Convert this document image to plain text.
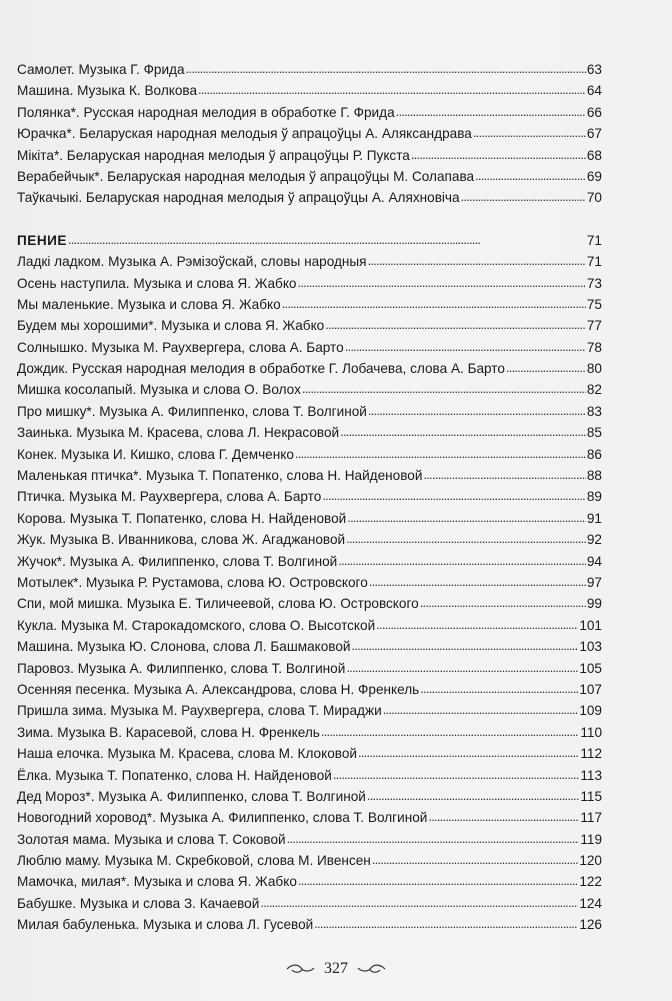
Самолет. Музыка Г. Фрида . . .	63
Машина. Музыка К. Волкова . . .	64
Полянка*. Русская народная мелодия в обработке Г. Фрида . . .	66
Юрачка*. Беларуская народная мелодыя ў апрацоўцы А. Аляксандрава . . .	67
Мікіта*. Беларуская народная мелодыя ў апрацоўцы Р. Пукста . . .	68
Верабейчык*. Беларуская народная мелодыя ў апрацоўцы М. Солапава . . .	69
Таўкачыкі. Беларуская народная мелодыя ў апрацоўцы А. Аляхновіча . . .	70
ПЕНИЕ . . .	71
Ладкі ладком. Музыка А. Рэмізоўскай, словы народныя . . .	71
Осень наступила. Музыка и слова Я. Жабко . . .	73
Мы маленькие. Музыка и слова Я. Жабко . . .	75
Будем мы хорошими*. Музыка и слова Я. Жабко . . .	77
Солнышко. Музыка М. Раухвергера, слова А. Барто . . .	78
Дождик. Русская народная мелодия в обработке Г. Лобачева, слова А. Барто . . .	80
Мишка косолапый. Музыка и слова О. Волох . . .	82
Про мишку*. Музыка А. Филиппенко, слова Т. Волгиной . . .	83
Заинька. Музыка М. Красева, слова Л. Некрасовой . . .	85
Конек. Музыка И. Кишко, слова Г. Демченко . . .	86
Маленькая птичка*. Музыка Т. Попатенко, слова Н. Найденовой . . .	88
Птичка. Музыка М. Раухвергера, слова А. Барто . . .	89
Корова. Музыка Т. Попатенко, слова Н. Найденовой . . .	91
Жук. Музыка В. Иванникова, слова Ж. Агаджановой . . .	92
Жучок*. Музыка А. Филиппенко, слова Т. Волгиной . . .	94
Мотылек*. Музыка Р. Рустамова, слова Ю. Островского . . .	97
Спи, мой мишка. Музыка Е. Тиличеевой, слова Ю. Островского . . .	99
Кукла. Музыка М. Старокадомского, слова О. Высотской . . .	101
Машина. Музыка Ю. Слонова, слова Л. Башмаковой . . .	103
Паровоз. Музыка А. Филиппенко, слова Т. Волгиной . . .	105
Осенняя песенка. Музыка А. Александрова, слова Н. Френкель . . .	107
Пришла зима. Музыка М. Раухвергера, слова Т. Мираджи . . .	109
Зима. Музыка В. Карасевой, слова Н. Френкель . . .	110
Наша елочка. Музыка М. Красева, слова М. Клоковой . . .	112
Ёлка. Музыка Т. Попатенко, слова Н. Найденовой . . .	113
Дед Мороз*. Музыка А. Филиппенко, слова Т. Волгиной . . .	115
Новогодний хоровод*. Музыка А. Филиппенко, слова Т. Волгиной . . .	117
Золотая мама. Музыка и слова Т. Соковой . . .	119
Люблю маму. Музыка М. Скребковой, слова М. Ивенсен . . .	120
Мамочка, милая*. Музыка и слова Я. Жабко . . .	122
Бабушке. Музыка и слова З. Качаевой . . .	124
Милая бабуленька. Музыка и слова Л. Гусевой . . .	126
327
